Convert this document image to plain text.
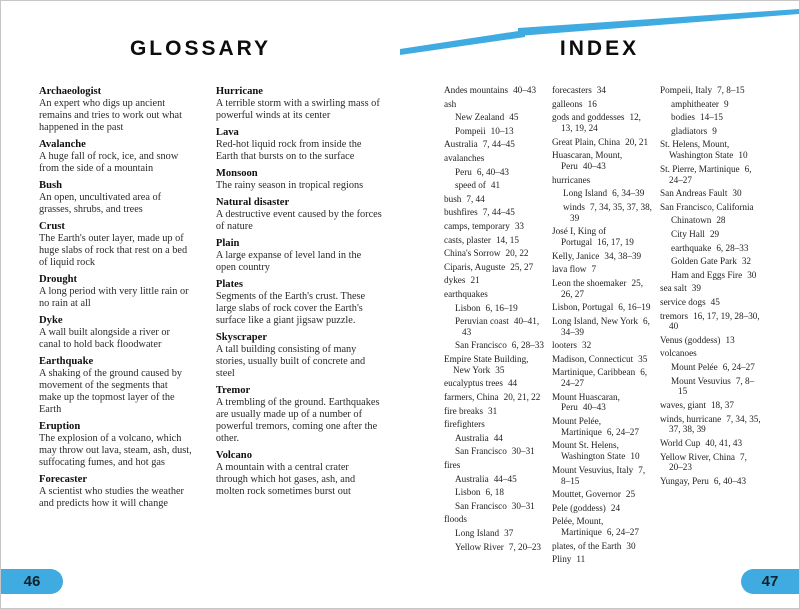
GLOSSARY
Archaeologist

An expert who digs up ancient remains and tries to work out what happened in the past

Avalanche

A huge fall of rock, ice, and snow from the side of a mountain

Bush

An open, uncultivated area of grasses, shrubs, and trees

Crust

The Earth's outer layer, made up of huge slabs of rock that rest on a bed of liquid rock

Drought

A long period with very little rain or no rain at all

Dyke

A wall built alongside a river or canal to hold back floodwater

Earthquake

A shaking of the ground caused by movement of the segments that make up the topmost layer of the Earth

Eruption

The explosion of a volcano, which may throw out lava, steam, ash, dust, suffocating fumes, and hot gas

Forecaster

A scientist who studies the weather and predicts how it will change

Hurricane

A terrible storm with a swirling mass of powerful winds at its center

Lava

Red-hot liquid rock from inside the Earth that bursts on to the surface

Monsoon

The rainy season in tropical regions

Natural disaster

A destructive event caused by the forces of nature

Plain

A large expanse of level land in the open country

Plates

Segments of the Earth's crust. These large slabs of rock cover the Earth's surface like a giant jigsaw puzzle.

Skyscraper

A tall building consisting of many stories, usually built of concrete and steel

Tremor

A trembling of the ground. Earthquakes are usually made up of a number of powerful tremors, coming one after the other.

Volcano

A mountain with a central crater through which hot gases, ash, and molten rock sometimes burst out

46
INDEX
Andes mountains 40–43
ash
New Zealand 45
Pompeii 10–13
Australia 7, 44–45
avalanches
Peru 6, 40–43
speed of 41
bush 7, 44
bushfires 7, 44–45
camps, temporary 33
casts, plaster 14, 15
China's Sorrow 20, 22
Ciparis, Auguste 25, 27
dykes 21
earthquakes
Lisbon 6, 16–19
Peruvian coast 40–41, 43
San Francisco 6, 28–33
Empire State Building, New York 35
eucalyptus trees 44
farmers, China 20, 21, 22
fire breaks 31
firefighters
Australia 44
San Francisco 30–31
fires
Australia 44–45
Lisbon 6, 18
San Francisco 30–31
floods
Long Island 37
Yellow River 7, 20–23
forecasters 34
galleons 16
gods and goddesses 12, 13, 19, 24
Great Plain, China 20, 21
Huascaran, Mount, Peru 40–43
hurricanes
Long Island 6, 34–39
winds 7, 34, 35, 37, 38, 39
José I, King of Portugal 16, 17, 19
Kelly, Janice 34, 38–39
lava flow 7
Leon the shoemaker 25, 26, 27
Lisbon, Portugal 6, 16–19
Long Island, New York 6, 34–39
looters 32
Madison, Connecticut 35
Martinique, Caribbean 6, 24–27
Mount Huascaran, Peru 40–43
Mount Pelée, Martinique 6, 24–27
Mount St. Helens, Washington State 10
Mount Vesuvius, Italy 7, 8–15
Mouttet, Governor 25
Pele (goddess) 24
Pelée, Mount, Martinique 6, 24–27
plates, of the Earth 30
Pliny 11
Pompeii, Italy 7, 8–15
amphitheater 9
bodies 14–15
gladiators 9
St. Helens, Mount, Washington State 10
St. Pierre, Martinique 6, 24–27
San Andreas Fault 30
San Francisco, California
Chinatown 28
City Hall 29
earthquake 6, 28–33
Golden Gate Park 32
Ham and Eggs Fire 30
sea salt 39
service dogs 45
tremors 16, 17, 19, 28–30, 40
Venus (goddess) 13
volcanoes
Mount Pelée 6, 24–27
Mount Vesuvius 7, 8–15
waves, giant 18, 37
winds, hurricane 7, 34, 35, 37, 38, 39
World Cup 40, 41, 43
Yellow River, China 7, 20–23
Yungay, Peru 6, 40–43
47
